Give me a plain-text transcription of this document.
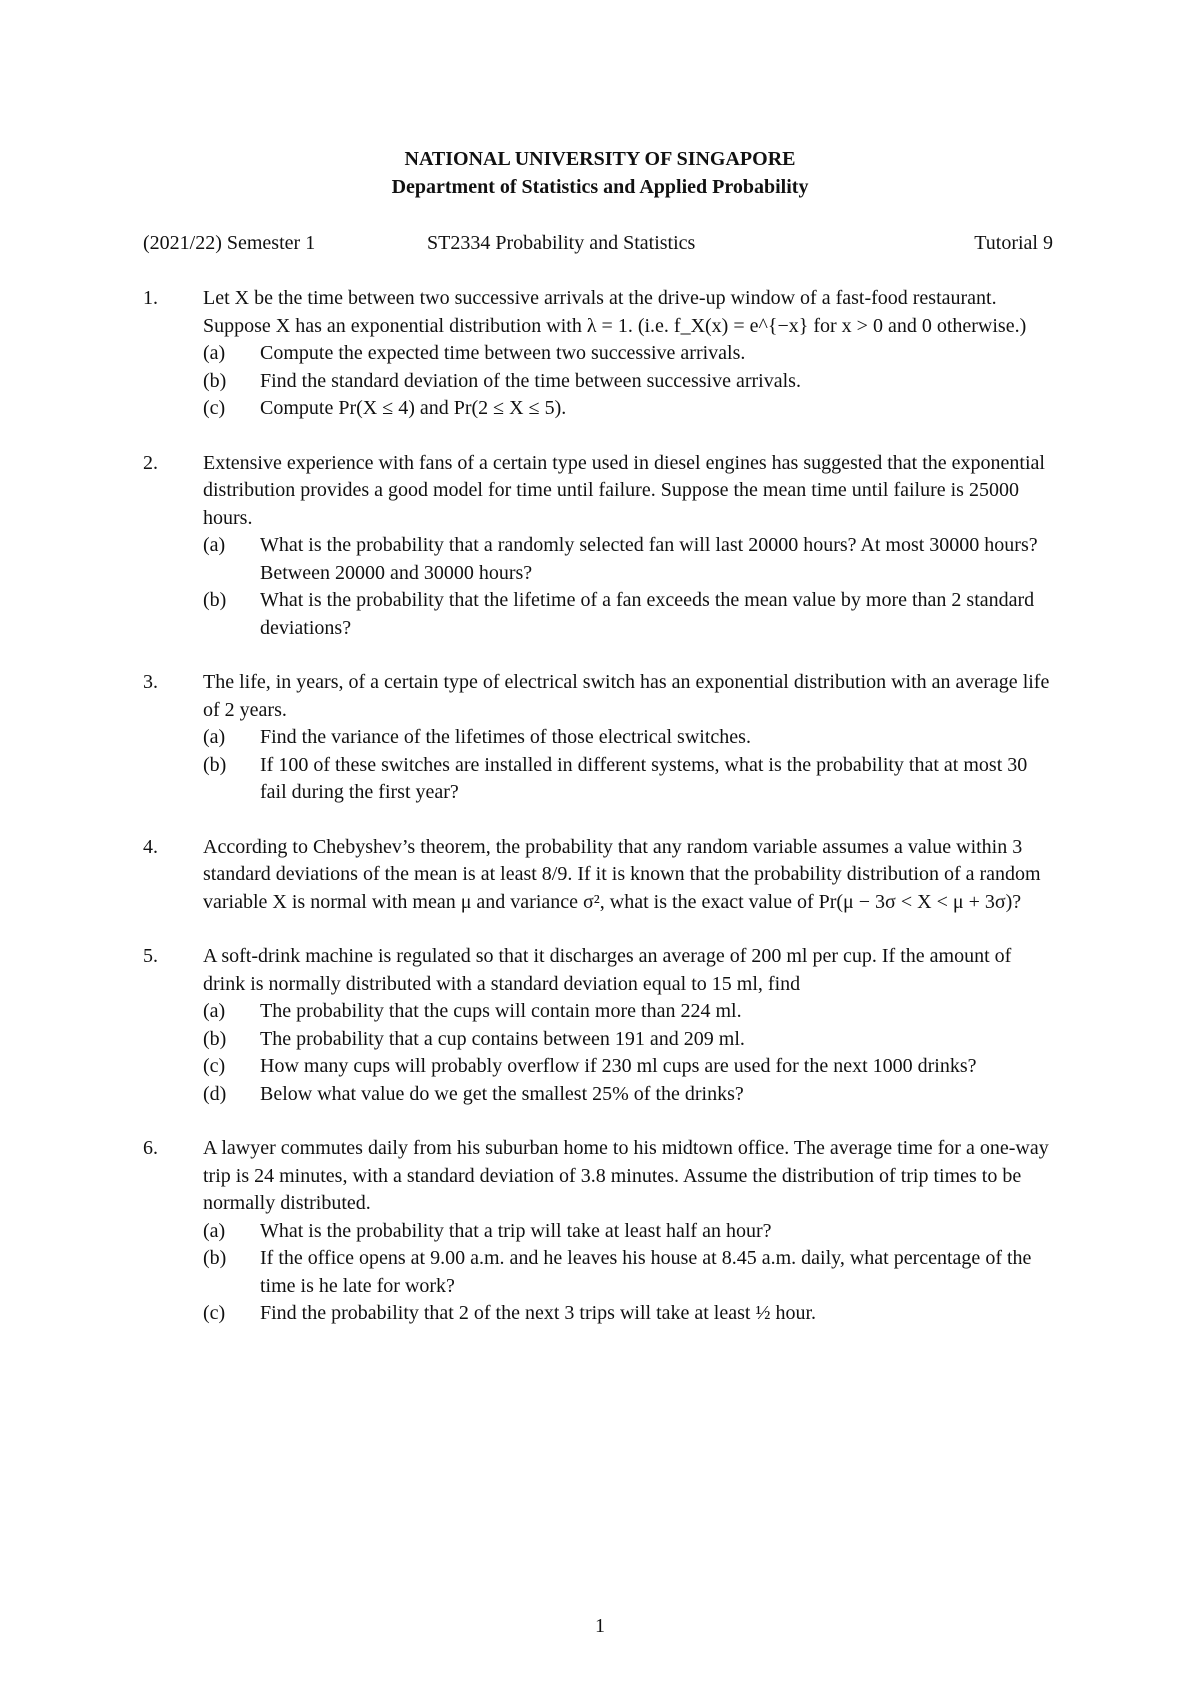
NATIONAL UNIVERSITY OF SINGAPORE
Department of Statistics and Applied Probability
(2021/22) Semester 1	ST2334 Probability and Statistics	Tutorial 9
1. Let X be the time between two successive arrivals at the drive-up window of a fast-food restaurant. Suppose X has an exponential distribution with λ = 1. (i.e. f_X(x) = e^{−x} for x > 0 and 0 otherwise.)
(a) Compute the expected time between two successive arrivals.
(b) Find the standard deviation of the time between successive arrivals.
(c) Compute Pr(X ≤ 4) and Pr(2 ≤ X ≤ 5).
2. Extensive experience with fans of a certain type used in diesel engines has suggested that the exponential distribution provides a good model for time until failure. Suppose the mean time until failure is 25000 hours.
(a) What is the probability that a randomly selected fan will last 20000 hours? At most 30000 hours? Between 20000 and 30000 hours?
(b) What is the probability that the lifetime of a fan exceeds the mean value by more than 2 standard deviations?
3. The life, in years, of a certain type of electrical switch has an exponential distribution with an average life of 2 years.
(a) Find the variance of the lifetimes of those electrical switches.
(b) If 100 of these switches are installed in different systems, what is the probability that at most 30 fail during the first year?
4. According to Chebyshev’s theorem, the probability that any random variable assumes a value within 3 standard deviations of the mean is at least 8/9. If it is known that the probability distribution of a random variable X is normal with mean μ and variance σ², what is the exact value of Pr(μ − 3σ < X < μ + 3σ)?
5. A soft-drink machine is regulated so that it discharges an average of 200 ml per cup. If the amount of drink is normally distributed with a standard deviation equal to 15 ml, find
(a) The probability that the cups will contain more than 224 ml.
(b) The probability that a cup contains between 191 and 209 ml.
(c) How many cups will probably overflow if 230 ml cups are used for the next 1000 drinks?
(d) Below what value do we get the smallest 25% of the drinks?
6. A lawyer commutes daily from his suburban home to his midtown office. The average time for a one-way trip is 24 minutes, with a standard deviation of 3.8 minutes. Assume the distribution of trip times to be normally distributed.
(a) What is the probability that a trip will take at least half an hour?
(b) If the office opens at 9.00 a.m. and he leaves his house at 8.45 a.m. daily, what percentage of the time is he late for work?
(c) Find the probability that 2 of the next 3 trips will take at least ½ hour.
1
